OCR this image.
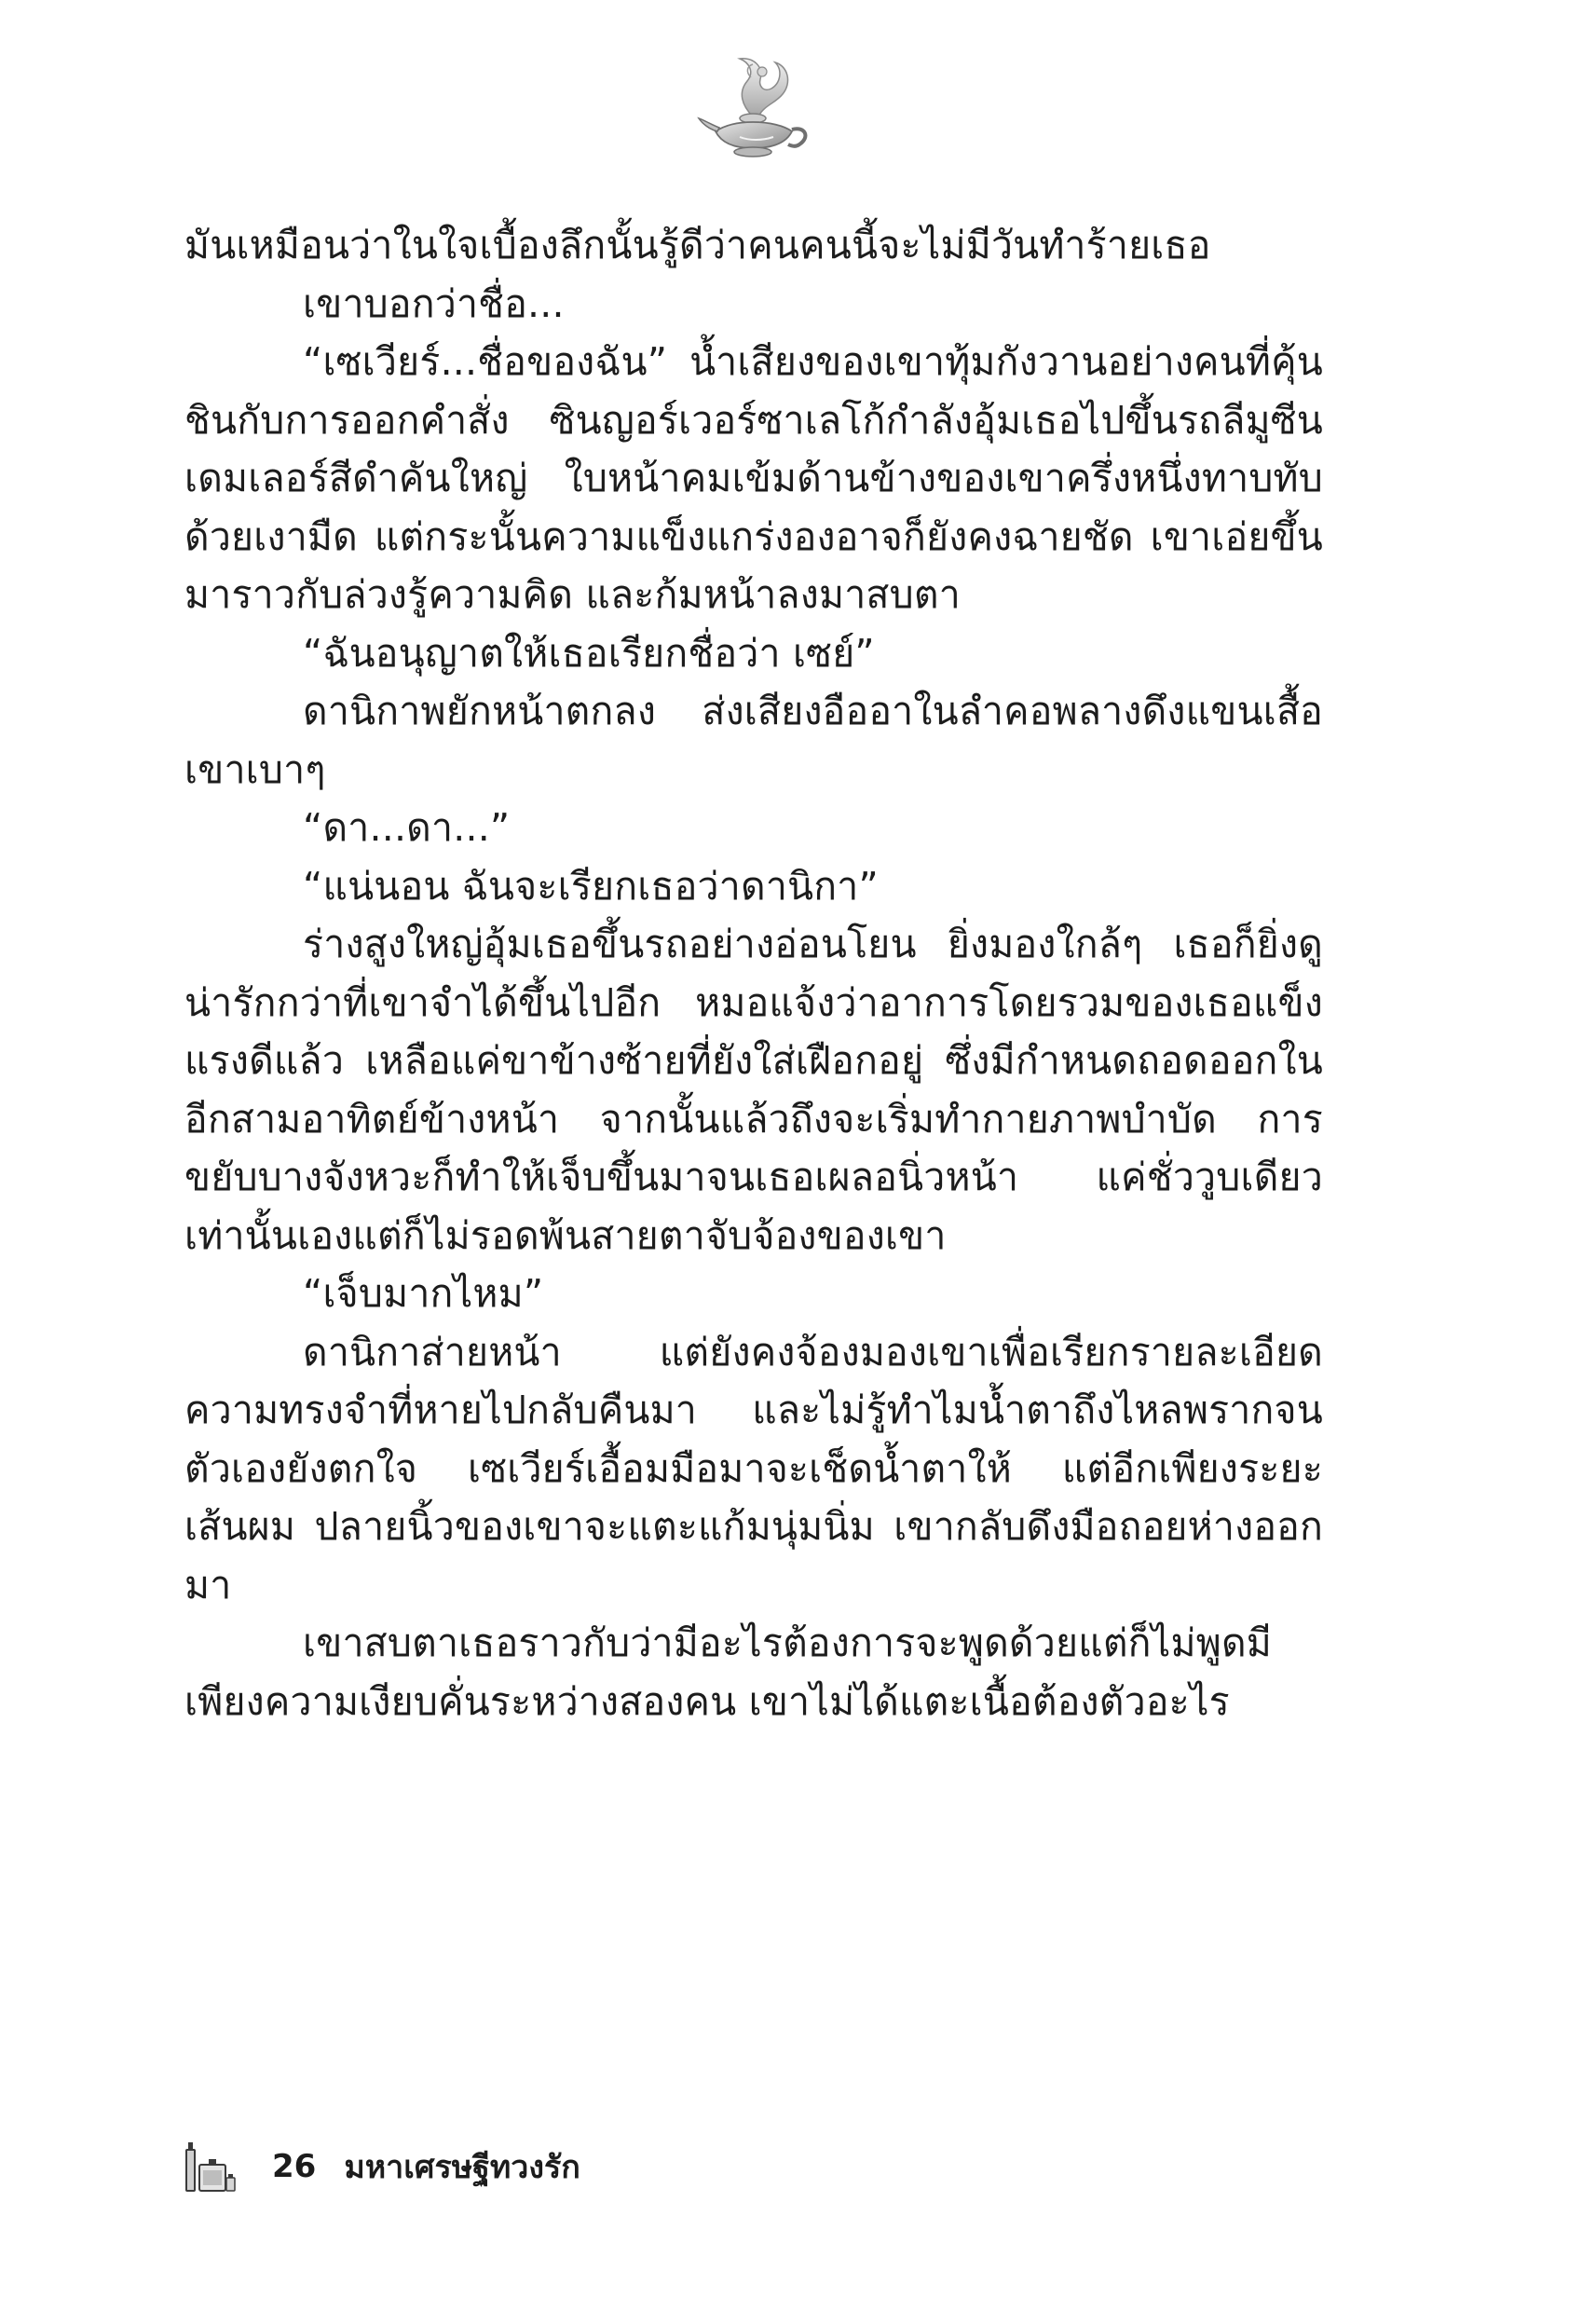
มันเหมือนว่าในใจเบื้องลึกนั้นรู้ดีว่าคนคนนี้จะไม่มีวันทำร้ายเธอ

เขาบอกว่าชื่อ...

“เซเวียร์...ชื่อของฉัน” น้ำเสียงของเขาทุ้มกังวานอย่างคนที่คุ้นชินกับการออกคำสั่ง ซินญอร์เวอร์ซาเลโก้กำลังอุ้มเธอไปขึ้นรถลีมูซีนเดมเลอร์สีดำคันใหญ่ ใบหน้าคมเข้มด้านข้างของเขาครึ่งหนึ่งทาบทับด้วยเงามืด แต่กระนั้นความแข็งแกร่งองอาจก็ยังคงฉายชัด เขาเอ่ยขึ้นมาราวกับล่วงรู้ความคิด และก้มหน้าลงมาสบตา

“ฉันอนุญาตให้เธอเรียกชื่อว่า เซย์”

ดานิกาพยักหน้าตกลง ส่งเสียงอืออาในลำคอพลางดึงแขนเสื้อเขาเบาๆ

“ดา...ดา...”

“แน่นอน ฉันจะเรียกเธอว่าดานิกา”

ร่างสูงใหญ่อุ้มเธอขึ้นรถอย่างอ่อนโยน ยิ่งมองใกล้ๆ เธอก็ยิ่งดูน่ารักกว่าที่เขาจำได้ขึ้นไปอีก หมอแจ้งว่าอาการโดยรวมของเธอแข็งแรงดีแล้ว เหลือแค่ขาข้างซ้ายที่ยังใส่เฝือกอยู่ ซึ่งมีกำหนดถอดออกในอีกสามอาทิตย์ข้างหน้า จากนั้นแล้วถึงจะเริ่มทำกายภาพบำบัด การขยับบางจังหวะก็ทำให้เจ็บขึ้นมาจนเธอเผลอนิ่วหน้า แค่ชั่ววูบเดียวเท่านั้นเองแต่ก็ไม่รอดพ้นสายตาจับจ้องของเขา

“เจ็บมากไหม”

ดานิกาส่ายหน้า แต่ยังคงจ้องมองเขาเพื่อเรียกรายละเอียดความทรงจำที่หายไปกลับคืนมา และไม่รู้ทำไมน้ำตาถึงไหลพรากจนตัวเองยังตกใจ เซเวียร์เอื้อมมือมาจะเช็ดน้ำตาให้ แต่อีกเพียงระยะเส้นผม ปลายนิ้วของเขาจะแตะแก้มนุ่มนิ่ม เขากลับดึงมือถอยห่างออกมา

เขาสบตาเธอราวกับว่ามีอะไรต้องการจะพูดด้วยแต่ก็ไม่พูดมีเพียงความเงียบคั่นระหว่างสองคน เขาไม่ได้แตะเนื้อต้องตัวอะไร

26 มหาเศรษฐีทวงรัก
